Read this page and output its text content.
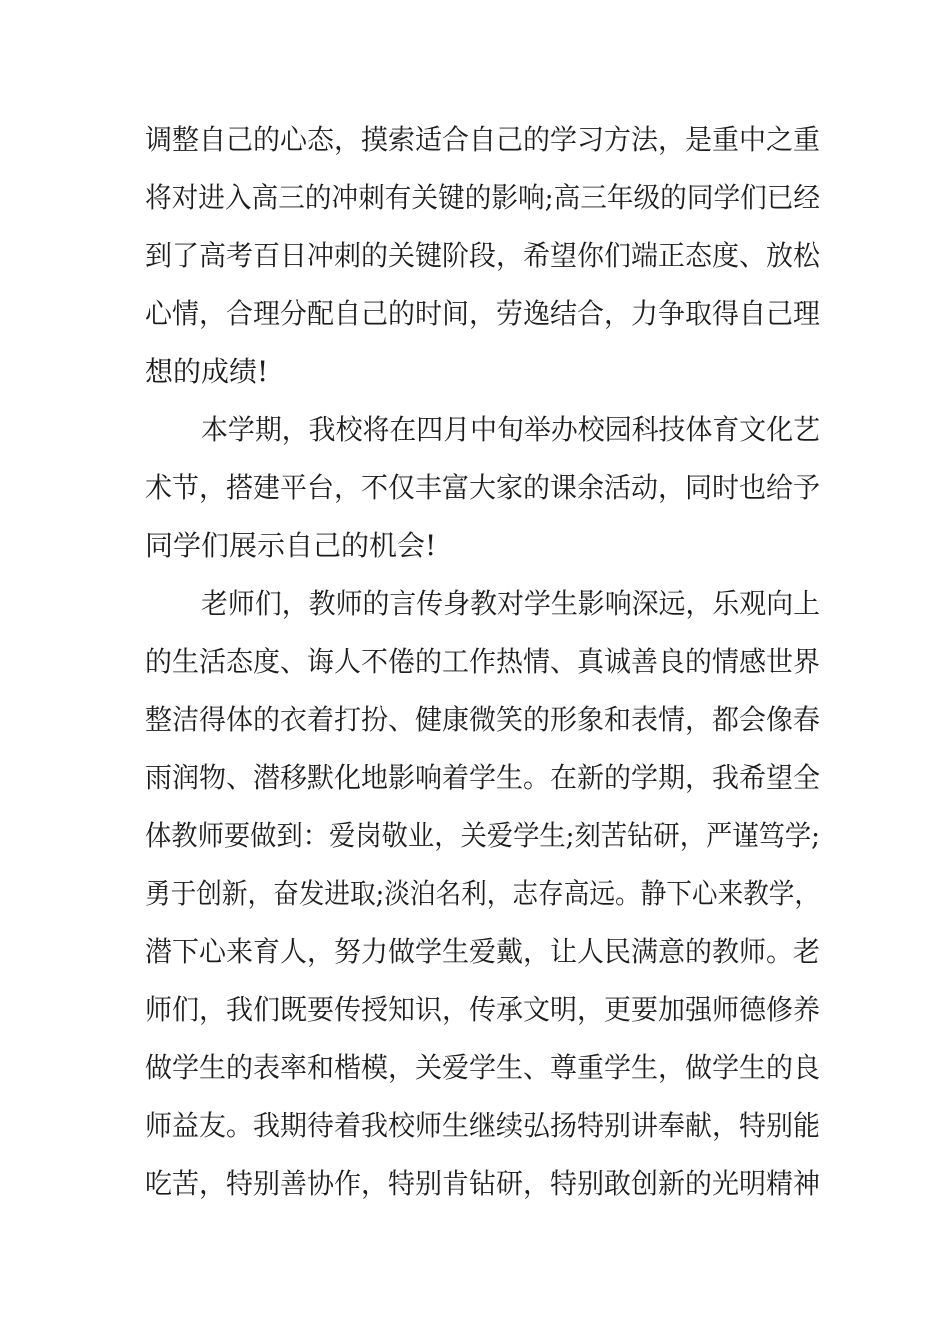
调整自己的心态，摸索适合自己的学习方法，是重中之重
将对进入高三的冲刺有关键的影响;高三年级的同学们已经
到了高考百日冲刺的关键阶段，希望你们端正态度、放松
心情，合理分配自己的时间，劳逸结合，力争取得自己理
想的成绩!
本学期，我校将在四月中旬举办校园科技体育文化艺
术节，搭建平台，不仅丰富大家的课余活动，同时也给予
同学们展示自己的机会!
老师们，教师的言传身教对学生影响深远，乐观向上
的生活态度、诲人不倦的工作热情、真诚善良的情感世界
整洁得体的衣着打扮、健康微笑的形象和表情，都会像春
雨润物、潜移默化地影响着学生。在新的学期，我希望全
体教师要做到：爱岗敬业，关爱学生;刻苦钻研，严谨笃学;
勇于创新，奋发进取;淡泊名利，志存高远。静下心来教学，
潜下心来育人，努力做学生爱戴，让人民满意的教师。老
师们，我们既要传授知识，传承文明，更要加强师德修养
做学生的表率和楷模，关爱学生、尊重学生，做学生的良
师益友。我期待着我校师生继续弘扬特别讲奉献，特别能
吃苦，特别善协作，特别肯钻研，特别敢创新的光明精神
